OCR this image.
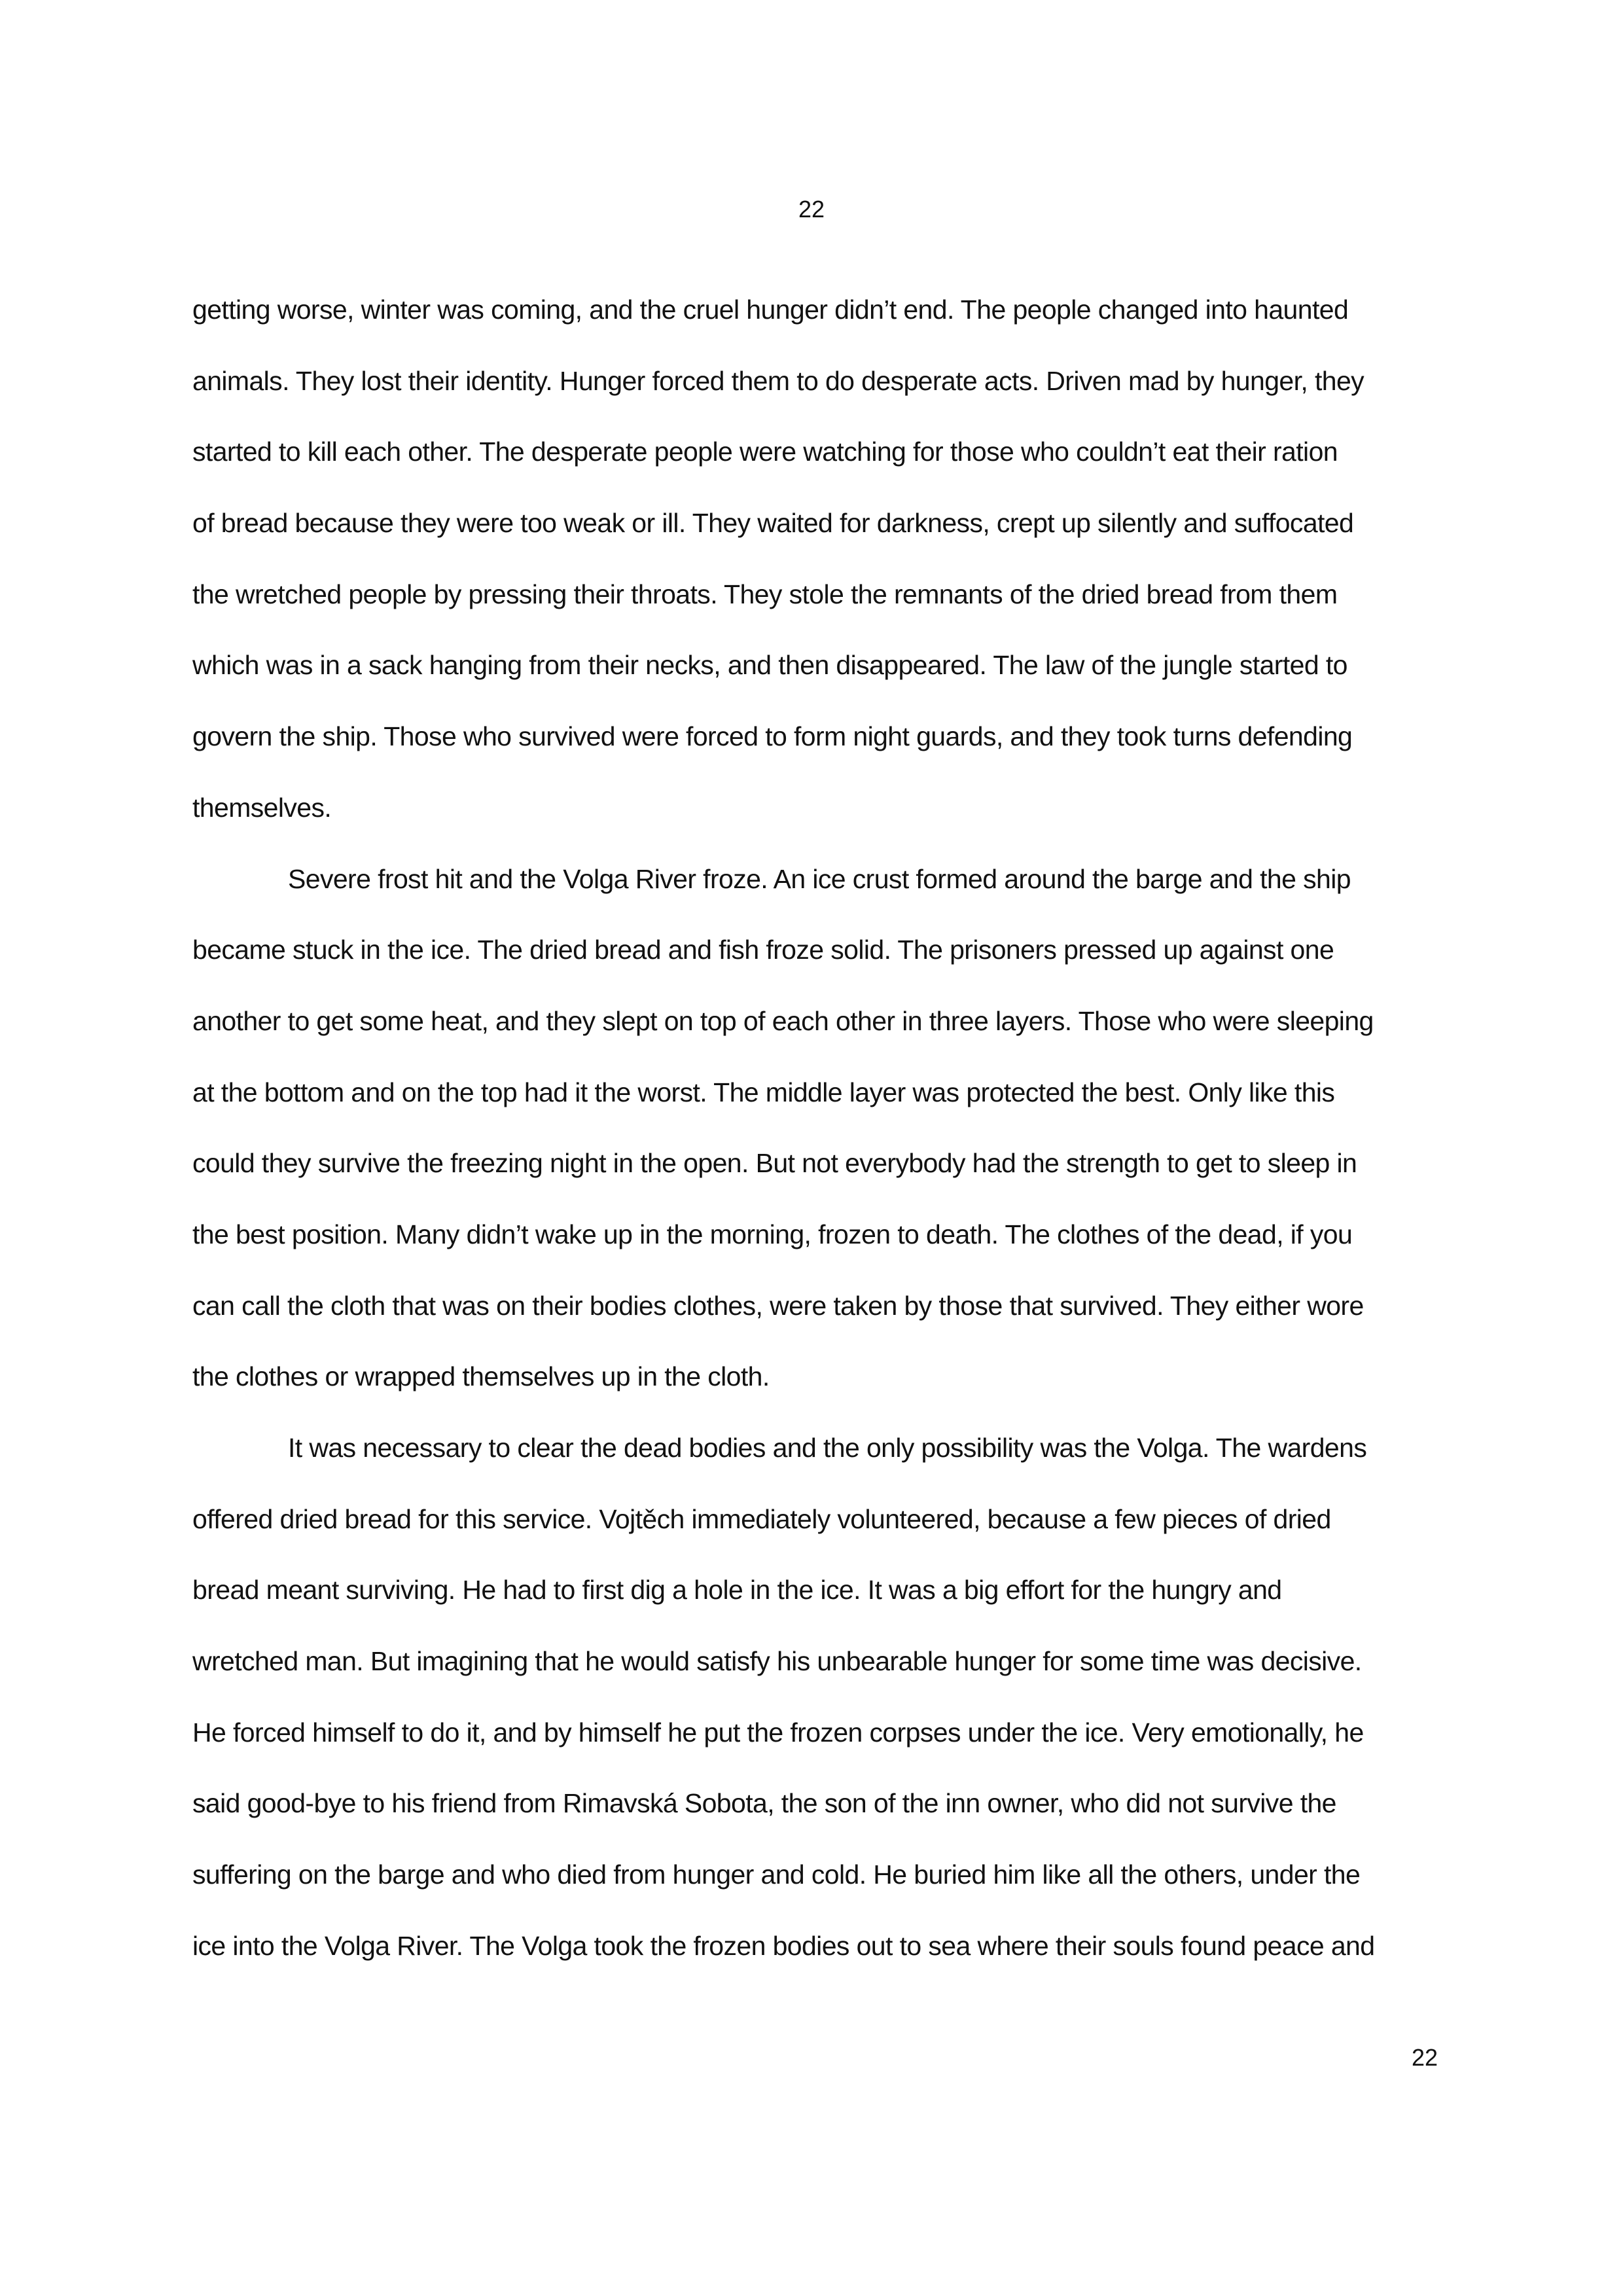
22
getting worse, winter was coming, and the cruel hunger didn’t end. The people changed into haunted
animals. They lost their identity. Hunger forced them to do desperate acts. Driven mad by hunger, they
started to kill each other. The desperate people were watching for those who couldn’t eat their ration
of bread because they were too weak or ill. They waited for darkness, crept up silently and suffocated
the wretched people by pressing their throats. They stole the remnants of the dried bread from them
which was in a sack hanging from their necks, and then disappeared. The law of the jungle started to
govern the ship. Those who survived were forced to form night guards, and they took turns defending
themselves.
Severe frost hit and the Volga River froze. An ice crust formed around the barge and the ship
became stuck in the ice. The dried bread and fish froze solid. The prisoners pressed up against one
another to get some heat, and they slept on top of each other in three layers. Those who were sleeping
at the bottom and on the top had it the worst. The middle layer was protected the best. Only like this
could they survive the freezing night in the open. But not everybody had the strength to get to sleep in
the best position. Many didn’t wake up in the morning, frozen to death. The clothes of the dead, if you
can call the cloth that was on their bodies clothes, were taken by those that survived. They either wore
the clothes or wrapped themselves up in the cloth.
It was necessary to clear the dead bodies and the only possibility was the Volga. The wardens
offered dried bread for this service. Vojtěch immediately volunteered, because a few pieces of dried
bread meant surviving. He had to first dig a hole in the ice. It was a big effort for the hungry and
wretched man. But imagining that he would satisfy his unbearable hunger for some time was decisive.
He forced himself to do it, and by himself he put the frozen corpses under the ice. Very emotionally, he
said good-bye to his friend from Rimavská Sobota, the son of the inn owner, who did not survive the
suffering on the barge and who died from hunger and cold. He buried him like all the others, under the
ice into the Volga River. The Volga took the frozen bodies out to sea where their souls found peace and
22
